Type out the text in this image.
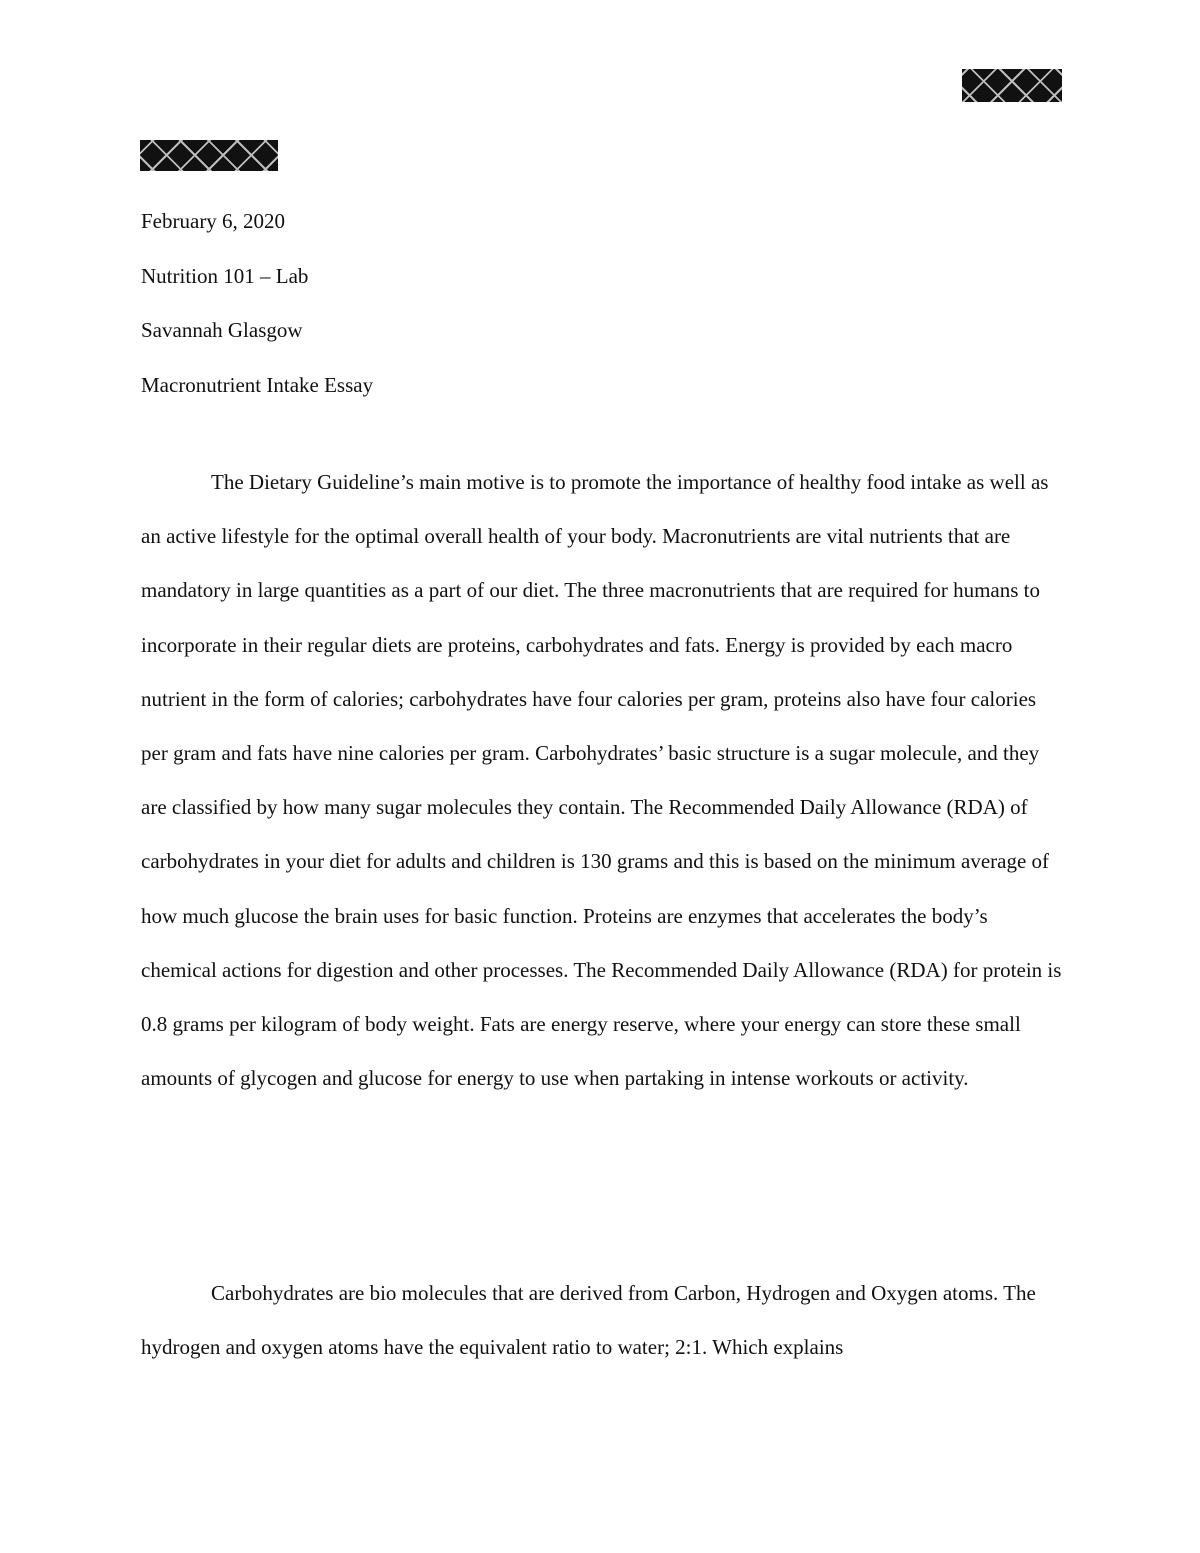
February 6, 2020
Nutrition 101 – Lab
Savannah Glasgow
Macronutrient Intake Essay

The Dietary Guideline’s main motive is to promote the importance of healthy food intake as well as an active lifestyle for the optimal overall health of your body. Macronutrients are vital nutrients that are mandatory in large quantities as a part of our diet. The three macronutrients that are required for humans to incorporate in their regular diets are proteins, carbohydrates and fats. Energy is provided by each macro nutrient in the form of calories; carbohydrates have four calories per gram, proteins also have four calories per gram and fats have nine calories per gram. Carbohydrates’ basic structure is a sugar molecule, and they are classified by how many sugar molecules they contain. The Recommended Daily Allowance (RDA) of carbohydrates in your diet for adults and children is 130 grams and this is based on the minimum average of how much glucose the brain uses for basic function. Proteins are enzymes that accelerates the body’s chemical actions for digestion and other processes. The Recommended Daily Allowance (RDA) for protein is 0.8 grams per kilogram of body weight. Fats are energy reserve, where your energy can store these small amounts of glycogen and glucose for energy to use when partaking in intense workouts or activity.

Carbohydrates are bio molecules that are derived from Carbon, Hydrogen and Oxygen atoms. The hydrogen and oxygen atoms have the equivalent ratio to water; 2:1. Which explains
